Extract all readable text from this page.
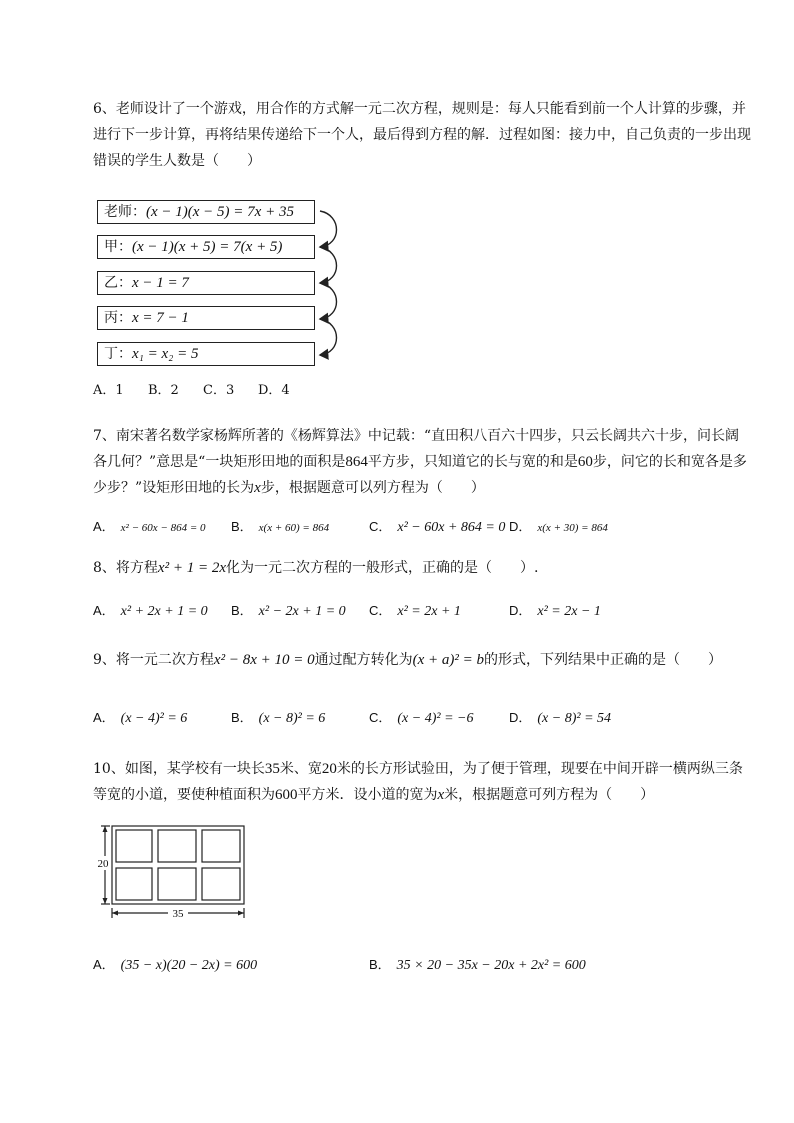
6、老师设计了一个游戏，用合作的方式解一元二次方程，规则是：每人只能看到前一个人计算的步骤，并进行下一步计算，再将结果传递给下一个人，最后得到方程的解．过程如图：接力中，自己负责的一步出现错误的学生人数是（　　）
老师：(x − 1)(x − 5) = 7x + 35
甲：(x − 1)(x + 5) = 7(x + 5)
乙：x − 1 = 7
丙：x = 7 − 1
丁：x₁ = x₂ = 5
A．1 B．2 C．3 D．4
7、南宋著名数学家杨辉所著的《杨辉算法》中记载：“直田积八百六十四步，只云长阔共六十步，问长阔各几何？”意思是“一块矩形田地的面积是864平方步，只知道它的长与宽的和是60步，问它的长和宽各是多少步？”设矩形田地的长为x步，根据题意可以列方程为（　　）
A． x² − 60x − 864 = 0 B． x(x + 60) = 864	C． x² − 60x + 864 = 0 D． x(x + 30) = 864
8、将方程x² + 1 = 2x化为一元二次方程的一般形式，正确的是（　　）.
A． x² + 2x + 1 = 0 B． x² − 2x + 1 = 0 C． x² = 2x + 1	D． x² = 2x − 1
9、将一元二次方程x² − 8x + 10 = 0通过配方转化为(x + a)² = b的形式，下列结果中正确的是（　　）
A． (x − 4)² = 6	B． (x − 8)² = 6	C． (x − 4)² = −6	D． (x − 8)² = 54
10、如图，某学校有一块长35米、宽20米的长方形试验田，为了便于管理，现要在中间开辟一横两纵三条等宽的小道，要使种植面积为600平方米．设小道的宽为x米，根据题意可列方程为（　　）
20
35
A． (35 − x)(20 − 2x) = 600	B． 35 × 20 − 35x − 20x + 2x² = 600
